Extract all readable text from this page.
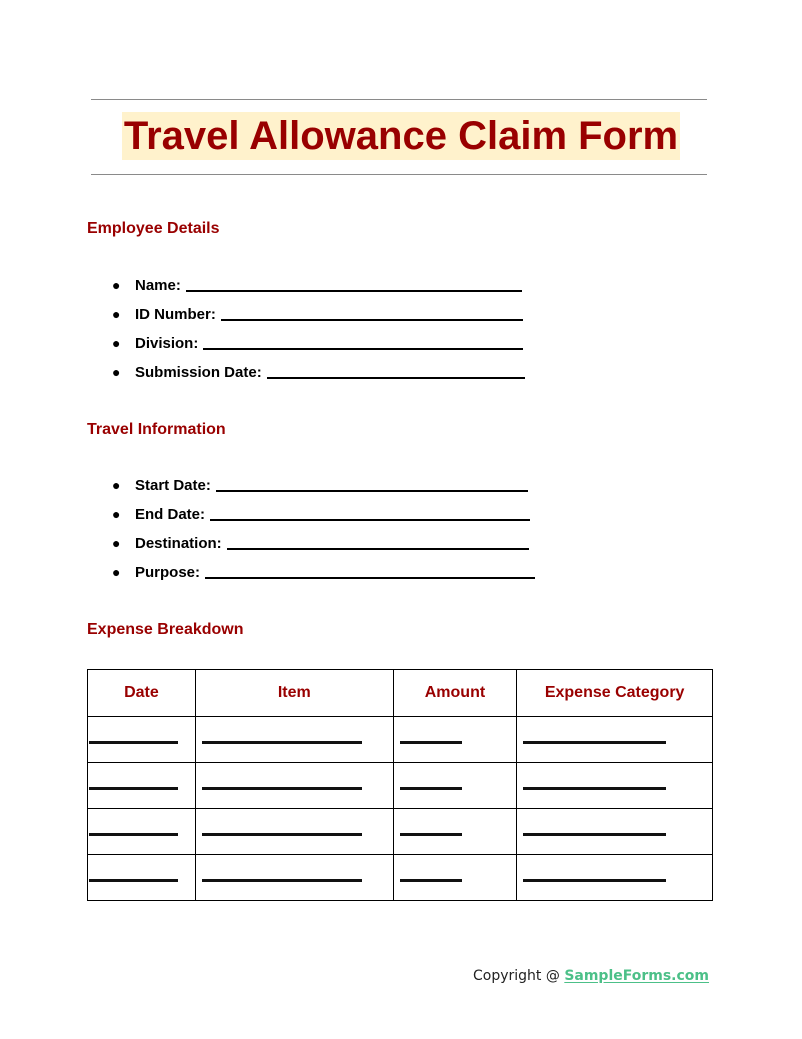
Travel Allowance Claim Form
Employee Details
● Name:
● ID Number:
● Division:
● Submission Date:
Travel Information
● Start Date:
● End Date:
● Destination:
● Purpose:
Expense Breakdown
Date	Item	Amount	Expense Category

Copyright @ SampleForms.com
